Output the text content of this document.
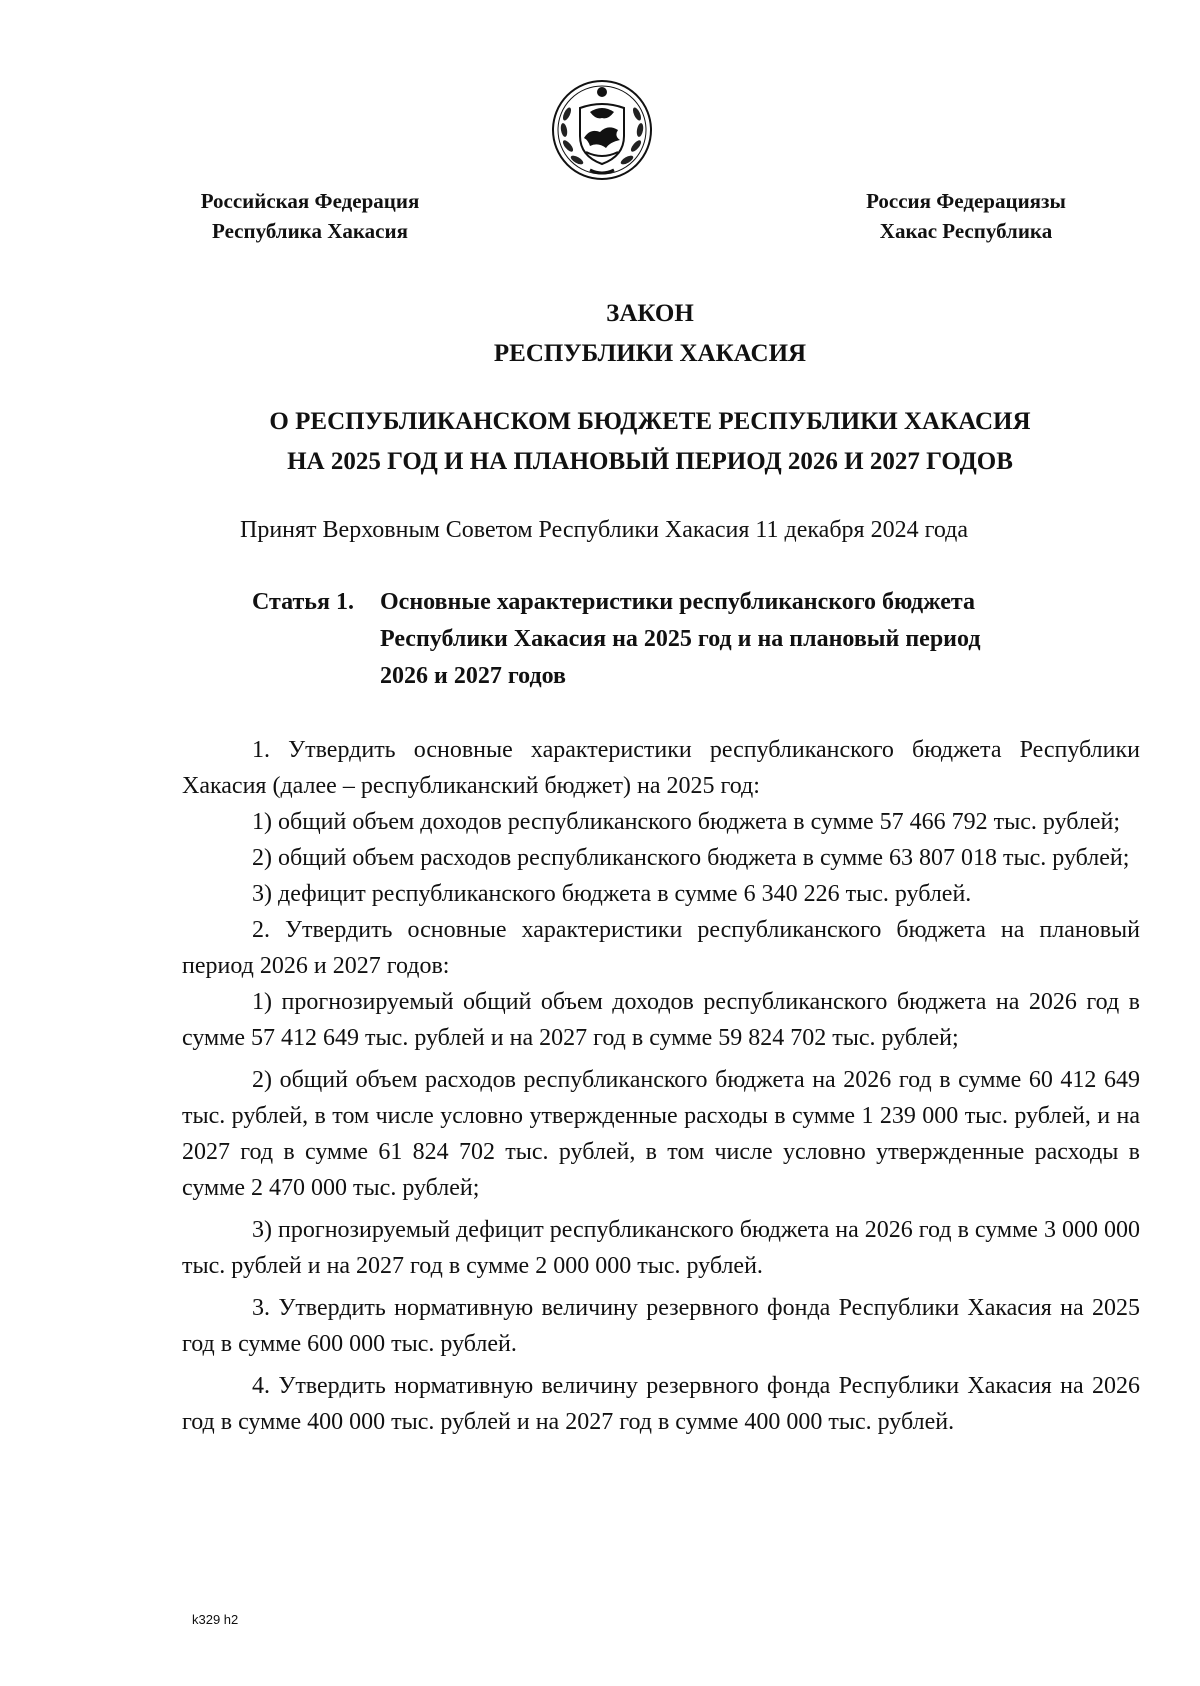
Российская Федерация
Республика Хакасия
Россия Федерациязы
Хакас Республика
ЗАКОН
РЕСПУБЛИКИ ХАКАСИЯ
О РЕСПУБЛИКАНСКОМ БЮДЖЕТЕ РЕСПУБЛИКИ ХАКАСИЯ
НА 2025 ГОД И НА ПЛАНОВЫЙ ПЕРИОД 2026 И 2027 ГОДОВ
Принят Верховным Советом Республики Хакасия 11 декабря 2024 года
Статья 1.	Основные характеристики республиканского бюджета
Республики Хакасия на 2025 год и на плановый период
2026 и 2027 годов

1. Утвердить основные характеристики республиканского бюджета Республики Хакасия (далее – республиканский бюджет) на 2025 год:

1) общий объем доходов республиканского бюджета в сумме 57 466 792 тыс. рублей;

2) общий объем расходов республиканского бюджета в сумме 63 807 018 тыс. рублей;

3) дефицит республиканского бюджета в сумме 6 340 226 тыс. рублей.

2. Утвердить основные характеристики республиканского бюджета на плановый период 2026 и 2027 годов:

1) прогнозируемый общий объем доходов республиканского бюджета на 2026 год в сумме 57 412 649 тыс. рублей и на 2027 год в сумме 59 824 702 тыс. рублей;

2) общий объем расходов республиканского бюджета на 2026 год в сумме 60 412 649 тыс. рублей, в том числе условно утвержденные расходы в сумме 1 239 000 тыс. рублей, и на 2027 год в сумме 61 824 702 тыс. рублей, в том числе условно утвержденные расходы в сумме 2 470 000 тыс. рублей;

3) прогнозируемый дефицит республиканского бюджета на 2026 год в сумме 3 000 000 тыс. рублей и на 2027 год в сумме 2 000 000 тыс. рублей.

3. Утвердить нормативную величину резервного фонда Республики Хакасия на 2025 год в сумме 600 000 тыс. рублей.

4. Утвердить нормативную величину резервного фонда Республики Хакасия на 2026 год в сумме 400 000 тыс. рублей и на 2027 год в сумме 400 000 тыс. рублей.

k329 h2
